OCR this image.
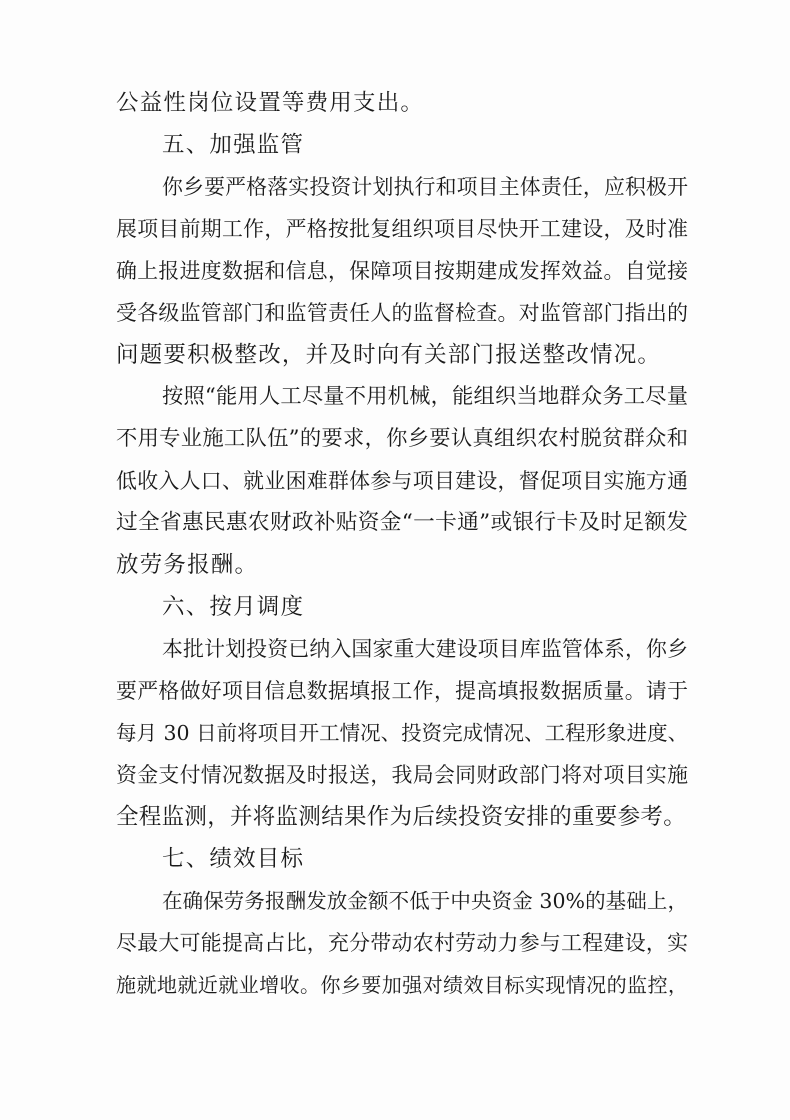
公益性岗位设置等费用支出。
五、加强监管
你乡要严格落实投资计划执行和项目主体责任，应积极开
展项目前期工作，严格按批复组织项目尽快开工建设，及时准
确上报进度数据和信息，保障项目按期建成发挥效益。自觉接
受各级监管部门和监管责任人的监督检查。对监管部门指出的
问题要积极整改，并及时向有关部门报送整改情况。
按照“能用人工尽量不用机械，能组织当地群众务工尽量
不用专业施工队伍”的要求，你乡要认真组织农村脱贫群众和
低收入人口、就业困难群体参与项目建设，督促项目实施方通
过全省惠民惠农财政补贴资金“一卡通”或银行卡及时足额发
放劳务报酬。
六、按月调度
本批计划投资已纳入国家重大建设项目库监管体系，你乡
要严格做好项目信息数据填报工作，提高填报数据质量。请于
每月 30 日前将项目开工情况、投资完成情况、工程形象进度、
资金支付情况数据及时报送，我局会同财政部门将对项目实施
全程监测，并将监测结果作为后续投资安排的重要参考。
七、绩效目标
在确保劳务报酬发放金额不低于中央资金 30%的基础上，
尽最大可能提高占比，充分带动农村劳动力参与工程建设，实
施就地就近就业增收。你乡要加强对绩效目标实现情况的监控，
